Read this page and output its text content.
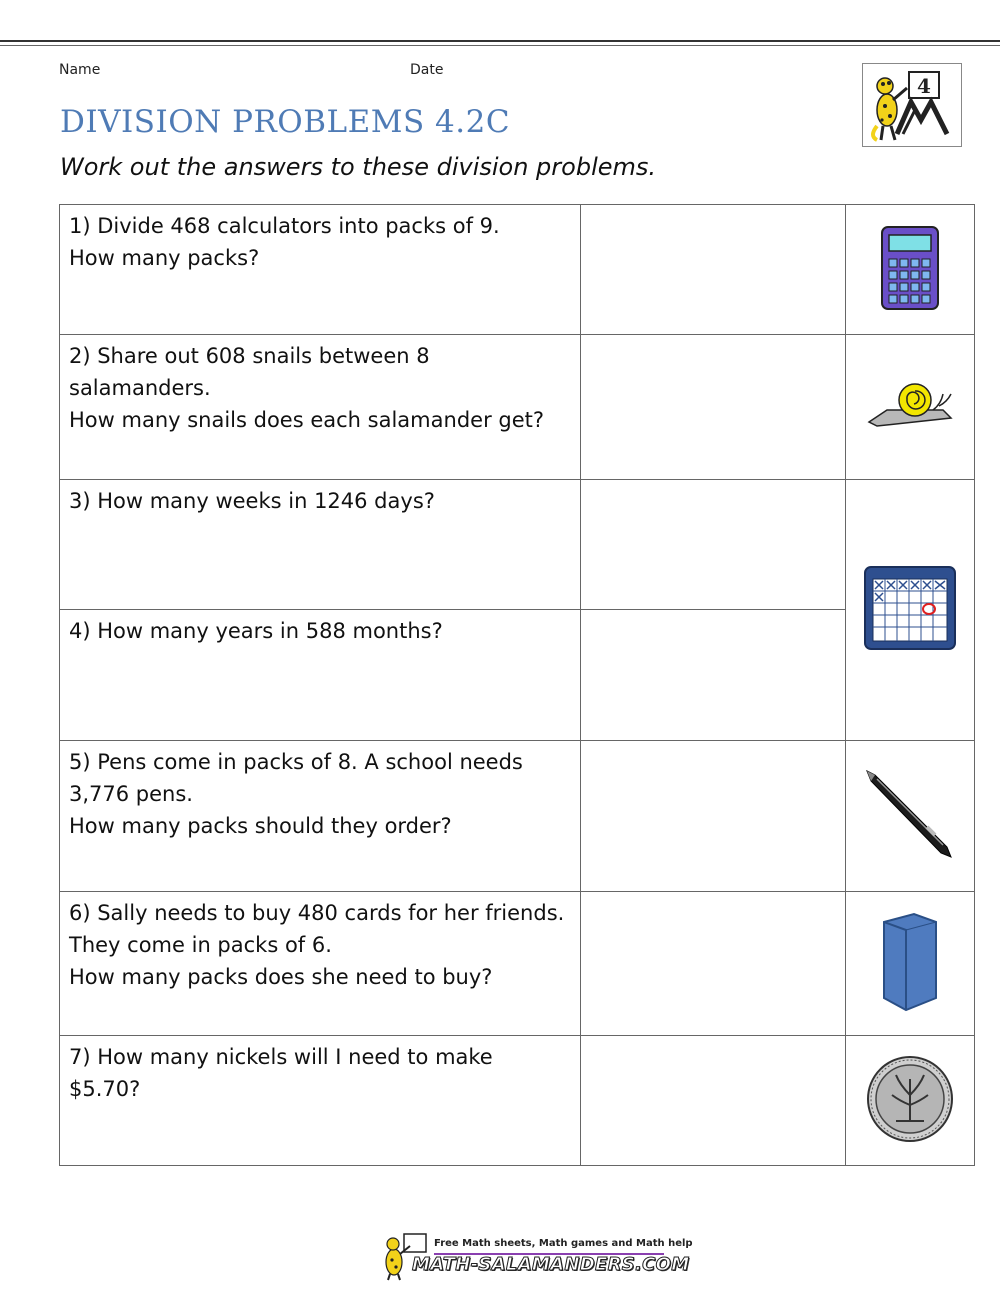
Name	Date
4
DIVISION PROBLEMS 4.2C
Work out the answers to these division problems.
1) Divide 468 calculators into packs of 9.
How many packs?

2) Share out 608 snails between 8
salamanders.
How many snails does each salamander get?

3) How many weeks in 1246 days?

4) How many years in 588 months?		

5) Pens come in packs of 8. A school needs
3,776 pens.
How many packs should they order?

6) Sally needs to buy 480 cards for her friends.
They come in packs of 6.
How many packs does she need to buy?

7) How many nickels will I need to make
$5.70?

Free Math sheets, Math games and Math help
MATH-SALAMANDERS.COM
